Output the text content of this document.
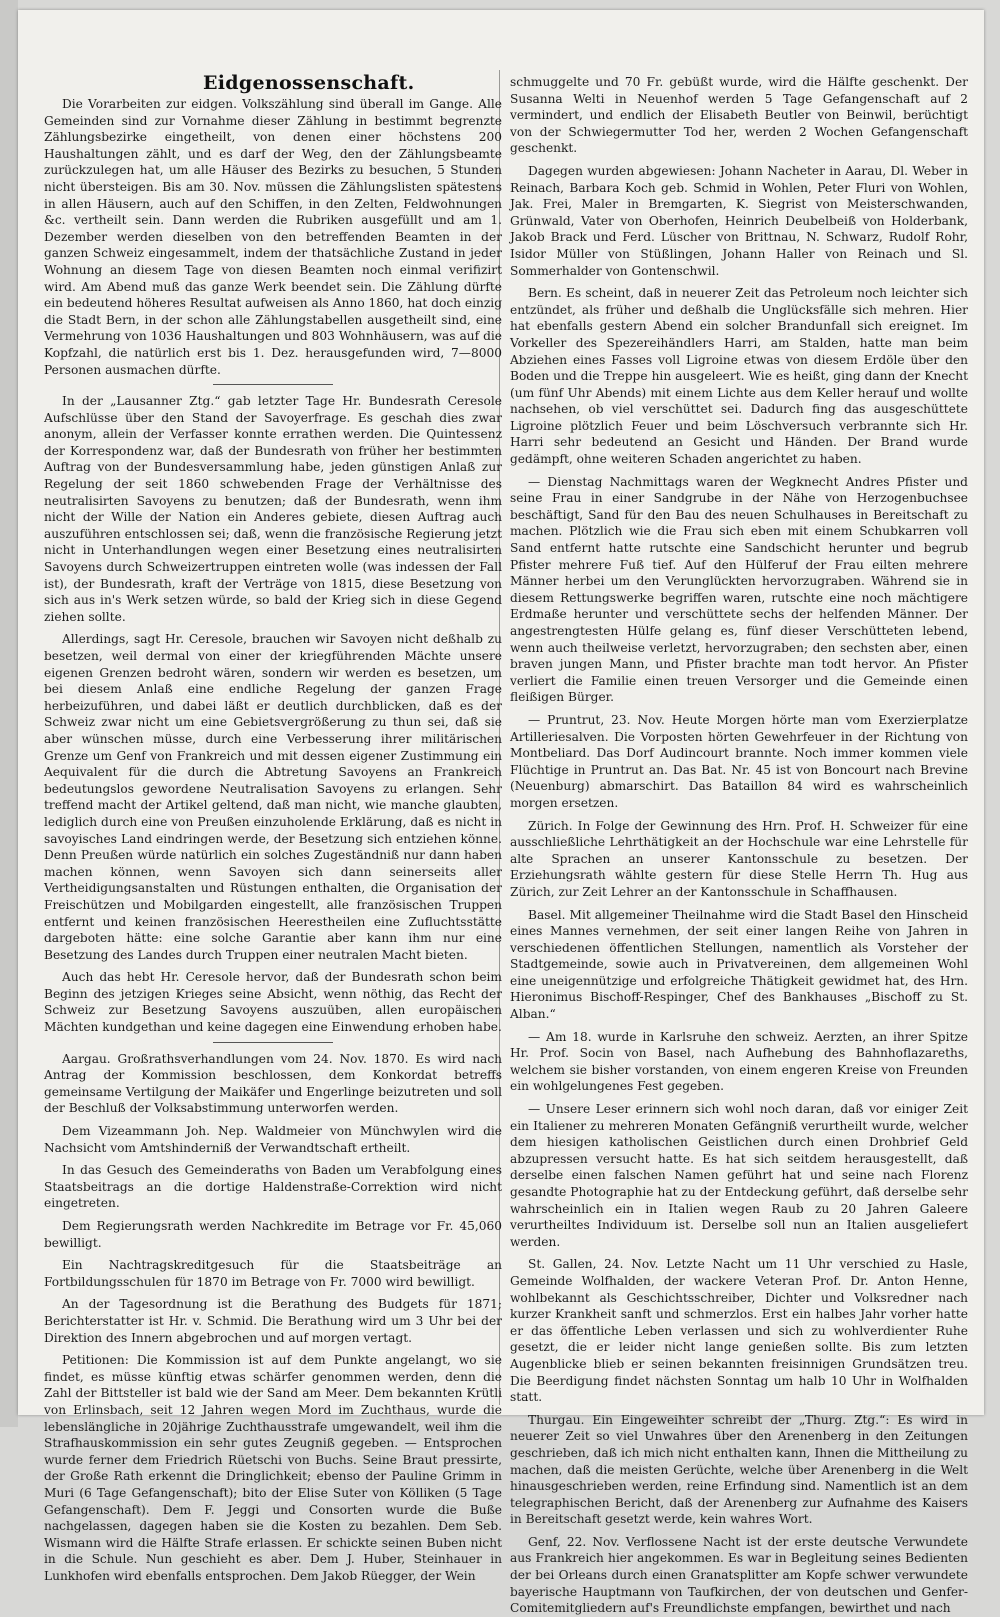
Eidgenossenschaft.

Die Vorarbeiten zur eidgen. Volkszählung sind überall im Gange. Alle Gemeinden sind zur Vornahme dieser Zählung in bestimmt begrenzte Zählungsbezirke eingetheilt, von denen einer höchstens 200 Haushaltungen zählt, und es darf der Weg, den der Zählungsbeamte zurückzulegen hat, um alle Häuser des Bezirks zu besuchen, 5 Stunden nicht übersteigen. Bis am 30. Nov. müssen die Zählungslisten spätestens in allen Häusern, auch auf den Schiffen, in den Zelten, Feldwohnungen &c. vertheilt sein. Dann werden die Rubriken ausgefüllt und am 1. Dezember werden dieselben von den betreffenden Beamten in der ganzen Schweiz eingesammelt, indem der thatsächliche Zustand in jeder Wohnung an diesem Tage von diesen Beamten noch einmal verifizirt wird. Am Abend muß das ganze Werk beendet sein. Die Zählung dürfte ein bedeutend höheres Resultat aufweisen als Anno 1860, hat doch einzig die Stadt Bern, in der schon alle Zählungstabellen ausgetheilt sind, eine Vermehrung von 1036 Haushaltungen und 803 Wohnhäusern, was auf die Kopfzahl, die natürlich erst bis 1. Dez. herausgefunden wird, 7—8000 Personen ausmachen dürfte.

In der „Lausanner Ztg.“ gab letzter Tage Hr. Bundesrath Ceresole Aufschlüsse über den Stand der Savoyerfrage. Es geschah dies zwar anonym, allein der Verfasser konnte errathen werden. Die Quintessenz der Korrespondenz war, daß der Bundesrath von früher her bestimmten Auftrag von der Bundesversammlung habe, jeden günstigen Anlaß zur Regelung der seit 1860 schwebenden Frage der Verhältnisse des neutralisirten Savoyens zu benutzen; daß der Bundesrath, wenn ihm nicht der Wille der Nation ein Anderes gebiete, diesen Auftrag auch auszuführen entschlossen sei; daß, wenn die französische Regierung jetzt nicht in Unterhandlungen wegen einer Besetzung eines neutralisirten Savoyens durch Schweizertruppen eintreten wolle (was indessen der Fall ist), der Bundesrath, kraft der Verträge von 1815, diese Besetzung von sich aus in's Werk setzen würde, so bald der Krieg sich in diese Gegend ziehen sollte.

Allerdings, sagt Hr. Ceresole, brauchen wir Savoyen nicht deßhalb zu besetzen, weil dermal von einer der kriegführenden Mächte unsere eigenen Grenzen bedroht wären, sondern wir werden es besetzen, um bei diesem Anlaß eine endliche Regelung der ganzen Frage herbeizuführen, und dabei läßt er deutlich durchblicken, daß es der Schweiz zwar nicht um eine Gebietsvergrößerung zu thun sei, daß sie aber wünschen müsse, durch eine Verbesserung ihrer militärischen Grenze um Genf von Frankreich und mit dessen eigener Zustimmung ein Aequivalent für die durch die Abtretung Savoyens an Frankreich bedeutungslos gewordene Neutralisation Savoyens zu erlangen. Sehr treffend macht der Artikel geltend, daß man nicht, wie manche glaubten, lediglich durch eine von Preußen einzuholende Erklärung, daß es nicht in savoyisches Land eindringen werde, der Besetzung sich entziehen könne. Denn Preußen würde natürlich ein solches Zugeständniß nur dann haben machen können, wenn Savoyen sich dann seinerseits aller Vertheidigungsanstalten und Rüstungen enthalten, die Organisation der Freischützen und Mobilgarden eingestellt, alle französischen Truppen entfernt und keinen französischen Heerestheilen eine Zufluchtsstätte dargeboten hätte: eine solche Garantie aber kann ihm nur eine Besetzung des Landes durch Truppen einer neutralen Macht bieten.

Auch das hebt Hr. Ceresole hervor, daß der Bundesrath schon beim Beginn des jetzigen Krieges seine Absicht, wenn nöthig, das Recht der Schweiz zur Besetzung Savoyens auszuüben, allen europäischen Mächten kundgethan und keine dagegen eine Einwendung erhoben habe.

Aargau. Großrathsverhandlungen vom 24. Nov. 1870. Es wird nach Antrag der Kommission beschlossen, dem Konkordat betreffs gemeinsame Vertilgung der Maikäfer und Engerlinge beizutreten und soll der Beschluß der Volksabstimmung unterworfen werden.

Dem Vizeammann Joh. Nep. Waldmeier von Münchwylen wird die Nachsicht vom Amtshinderniß der Verwandtschaft ertheilt.

In das Gesuch des Gemeinderaths von Baden um Verabfolgung eines Staatsbeitrags an die dortige Haldenstraße-Correktion wird nicht eingetreten.

Dem Regierungsrath werden Nachkredite im Betrage vor Fr. 45,060 bewilligt.

Ein Nachtragskreditgesuch für die Staatsbeiträge an Fortbildungsschulen für 1870 im Betrage von Fr. 7000 wird bewilligt.

An der Tagesordnung ist die Berathung des Budgets für 1871; Berichterstatter ist Hr. v. Schmid. Die Berathung wird um 3 Uhr bei der Direktion des Innern abgebrochen und auf morgen vertagt.

Petitionen: Die Kommission ist auf dem Punkte angelangt, wo sie findet, es müsse künftig etwas schärfer genommen werden, denn die Zahl der Bittsteller ist bald wie der Sand am Meer. Dem bekannten Krütli von Erlinsbach, seit 12 Jahren wegen Mord im Zuchthaus, wurde die lebenslängliche in 20jährige Zuchthausstrafe umgewandelt, weil ihm die Strafhauskommission ein sehr gutes Zeugniß gegeben. — Entsprochen wurde ferner dem Friedrich Rüetschi von Buchs. Seine Braut pressirte, der Große Rath erkennt die Dringlichkeit; ebenso der Pauline Grimm in Muri (6 Tage Gefangenschaft); bito der Elise Suter von Kölliken (5 Tage Gefangenschaft). Dem F. Jeggi und Consorten wurde die Buße nachgelassen, dagegen haben sie die Kosten zu bezahlen. Dem Seb. Wismann wird die Hälfte Strafe erlassen. Er schickte seinen Buben nicht in die Schule. Nun geschieht es aber. Dem J. Huber, Steinhauer in Lunkhofen wird ebenfalls entsprochen. Dem Jakob Rüegger, der Wein

schmuggelte und 70 Fr. gebüßt wurde, wird die Hälfte geschenkt. Der Susanna Welti in Neuenhof werden 5 Tage Gefangenschaft auf 2 vermindert, und endlich der Elisabeth Beutler von Beinwil, berüchtigt von der Schwiegermutter Tod her, werden 2 Wochen Gefangenschaft geschenkt.

Dagegen wurden abgewiesen: Johann Nacheter in Aarau, Dl. Weber in Reinach, Barbara Koch geb. Schmid in Wohlen, Peter Fluri von Wohlen, Jak. Frei, Maler in Bremgarten, K. Siegrist von Meisterschwanden, Grünwald, Vater von Oberhofen, Heinrich Deubelbeiß von Holderbank, Jakob Brack und Ferd. Lüscher von Brittnau, N. Schwarz, Rudolf Rohr, Isidor Müller von Stüßlingen, Johann Haller von Reinach und Sl. Sommerhalder von Gontenschwil.

Bern. Es scheint, daß in neuerer Zeit das Petroleum noch leichter sich entzündet, als früher und deßhalb die Unglücksfälle sich mehren. Hier hat ebenfalls gestern Abend ein solcher Brandunfall sich ereignet. Im Vorkeller des Spezereihändlers Harri, am Stalden, hatte man beim Abziehen eines Fasses voll Ligroine etwas von diesem Erdöle über den Boden und die Treppe hin ausgeleert. Wie es heißt, ging dann der Knecht (um fünf Uhr Abends) mit einem Lichte aus dem Keller herauf und wollte nachsehen, ob viel verschüttet sei. Dadurch fing das ausgeschüttete Ligroine plötzlich Feuer und beim Löschversuch verbrannte sich Hr. Harri sehr bedeutend an Gesicht und Händen. Der Brand wurde gedämpft, ohne weiteren Schaden angerichtet zu haben.

— Dienstag Nachmittags waren der Wegknecht Andres Pfister und seine Frau in einer Sandgrube in der Nähe von Herzogenbuchsee beschäftigt, Sand für den Bau des neuen Schulhauses in Bereitschaft zu machen. Plötzlich wie die Frau sich eben mit einem Schubkarren voll Sand entfernt hatte rutschte eine Sandschicht herunter und begrub Pfister mehrere Fuß tief. Auf den Hülferuf der Frau eilten mehrere Männer herbei um den Verunglückten hervorzugraben. Während sie in diesem Rettungswerke begriffen waren, rutschte eine noch mächtigere Erdmaße herunter und verschüttete sechs der helfenden Männer. Der angestrengtesten Hülfe gelang es, fünf dieser Verschütteten lebend, wenn auch theilweise verletzt, hervorzugraben; den sechsten aber, einen braven jungen Mann, und Pfister brachte man todt hervor. An Pfister verliert die Familie einen treuen Versorger und die Gemeinde einen fleißigen Bürger.

— Pruntrut, 23. Nov. Heute Morgen hörte man vom Exerzierplatze Artilleriesalven. Die Vorposten hörten Gewehrfeuer in der Richtung von Montbeliard. Das Dorf Audincourt brannte. Noch immer kommen viele Flüchtige in Pruntrut an. Das Bat. Nr. 45 ist von Boncourt nach Brevine (Neuenburg) abmarschirt. Das Bataillon 84 wird es wahrscheinlich morgen ersetzen.

Zürich. In Folge der Gewinnung des Hrn. Prof. H. Schweizer für eine ausschließliche Lehrthätigkeit an der Hochschule war eine Lehrstelle für alte Sprachen an unserer Kantonsschule zu besetzen. Der Erziehungsrath wählte gestern für diese Stelle Herrn Th. Hug aus Zürich, zur Zeit Lehrer an der Kantonsschule in Schaffhausen.

Basel. Mit allgemeiner Theilnahme wird die Stadt Basel den Hinscheid eines Mannes vernehmen, der seit einer langen Reihe von Jahren in verschiedenen öffentlichen Stellungen, namentlich als Vorsteher der Stadtgemeinde, sowie auch in Privatvereinen, dem allgemeinen Wohl eine uneigennützige und erfolgreiche Thätigkeit gewidmet hat, des Hrn. Hieronimus Bischoff-Respinger, Chef des Bankhauses „Bischoff zu St. Alban.“

— Am 18. wurde in Karlsruhe den schweiz. Aerzten, an ihrer Spitze Hr. Prof. Socin von Basel, nach Aufhebung des Bahnhoflazareths, welchem sie bisher vorstanden, von einem engeren Kreise von Freunden ein wohlgelungenes Fest gegeben.

— Unsere Leser erinnern sich wohl noch daran, daß vor einiger Zeit ein Italiener zu mehreren Monaten Gefängniß verurtheilt wurde, welcher dem hiesigen katholischen Geistlichen durch einen Drohbrief Geld abzupressen versucht hatte. Es hat sich seitdem herausgestellt, daß derselbe einen falschen Namen geführt hat und seine nach Florenz gesandte Photographie hat zu der Entdeckung geführt, daß derselbe sehr wahrscheinlich ein in Italien wegen Raub zu 20 Jahren Galeere verurtheiltes Individuum ist. Derselbe soll nun an Italien ausgeliefert werden.

St. Gallen, 24. Nov. Letzte Nacht um 11 Uhr verschied zu Hasle, Gemeinde Wolfhalden, der wackere Veteran Prof. Dr. Anton Henne, wohlbekannt als Geschichtsschreiber, Dichter und Volksredner nach kurzer Krankheit sanft und schmerzlos. Erst ein halbes Jahr vorher hatte er das öffentliche Leben verlassen und sich zu wohlverdienter Ruhe gesetzt, die er leider nicht lange genießen sollte. Bis zum letzten Augenblicke blieb er seinen bekannten freisinnigen Grundsätzen treu. Die Beerdigung findet nächsten Sonntag um halb 10 Uhr in Wolfhalden statt.

Thurgau. Ein Eingeweihter schreibt der „Thurg. Ztg.“: Es wird in neuerer Zeit so viel Unwahres über den Arenenberg in den Zeitungen geschrieben, daß ich mich nicht enthalten kann, Ihnen die Mittheilung zu machen, daß die meisten Gerüchte, welche über Arenenberg in die Welt hinausgeschrieben werden, reine Erfindung sind. Namentlich ist an dem telegraphischen Bericht, daß der Arenenberg zur Aufnahme des Kaisers in Bereitschaft gesetzt werde, kein wahres Wort.

Genf, 22. Nov. Verflossene Nacht ist der erste deutsche Verwundete aus Frankreich hier angekommen. Es war in Begleitung seines Bedienten der bei Orleans durch einen Granatsplitter am Kopfe schwer verwundete bayerische Hauptmann von Taufkirchen, der von deutschen und Genfer-Comitemitgliedern auf's Freundlichste empfangen, bewirthet und nach
